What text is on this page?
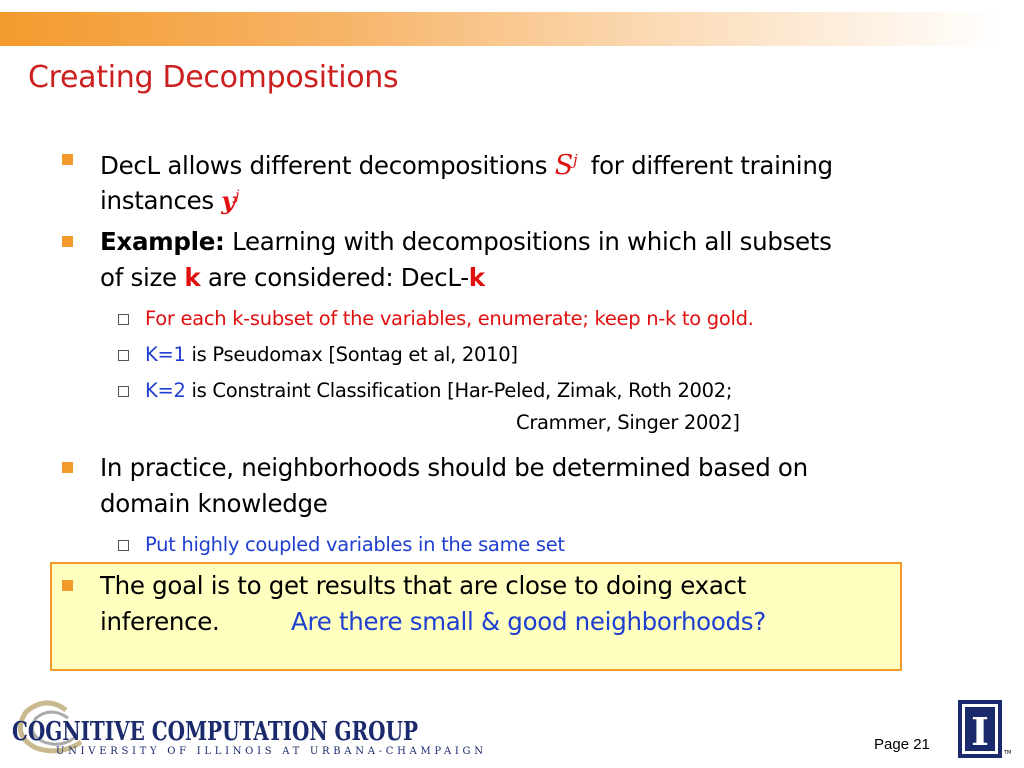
Creating Decompositions
DecL allows different decompositions $S^j$ for different training
instances $y^j$
Example: Learning with decompositions in which all subsets
of size k are considered: DecL-k
For each k-subset of the variables, enumerate; keep n-k to gold.
K=1 is Pseudomax [Sontag et al, 2010]
K=2 is Constraint Classification [Har-Peled, Zimak, Roth 2002;
Crammer, Singer 2002]
In practice, neighborhoods should be determined based on
domain knowledge
Put highly coupled variables in the same set
The goal is to get results that are close to doing exact
inference.	Are there small & good neighborhoods?
COGNITIVE COMPUTATION GROUP
UNIVERSITY OF ILLINOIS AT URBANA-CHAMPAIGN	Page 21 I	TM
